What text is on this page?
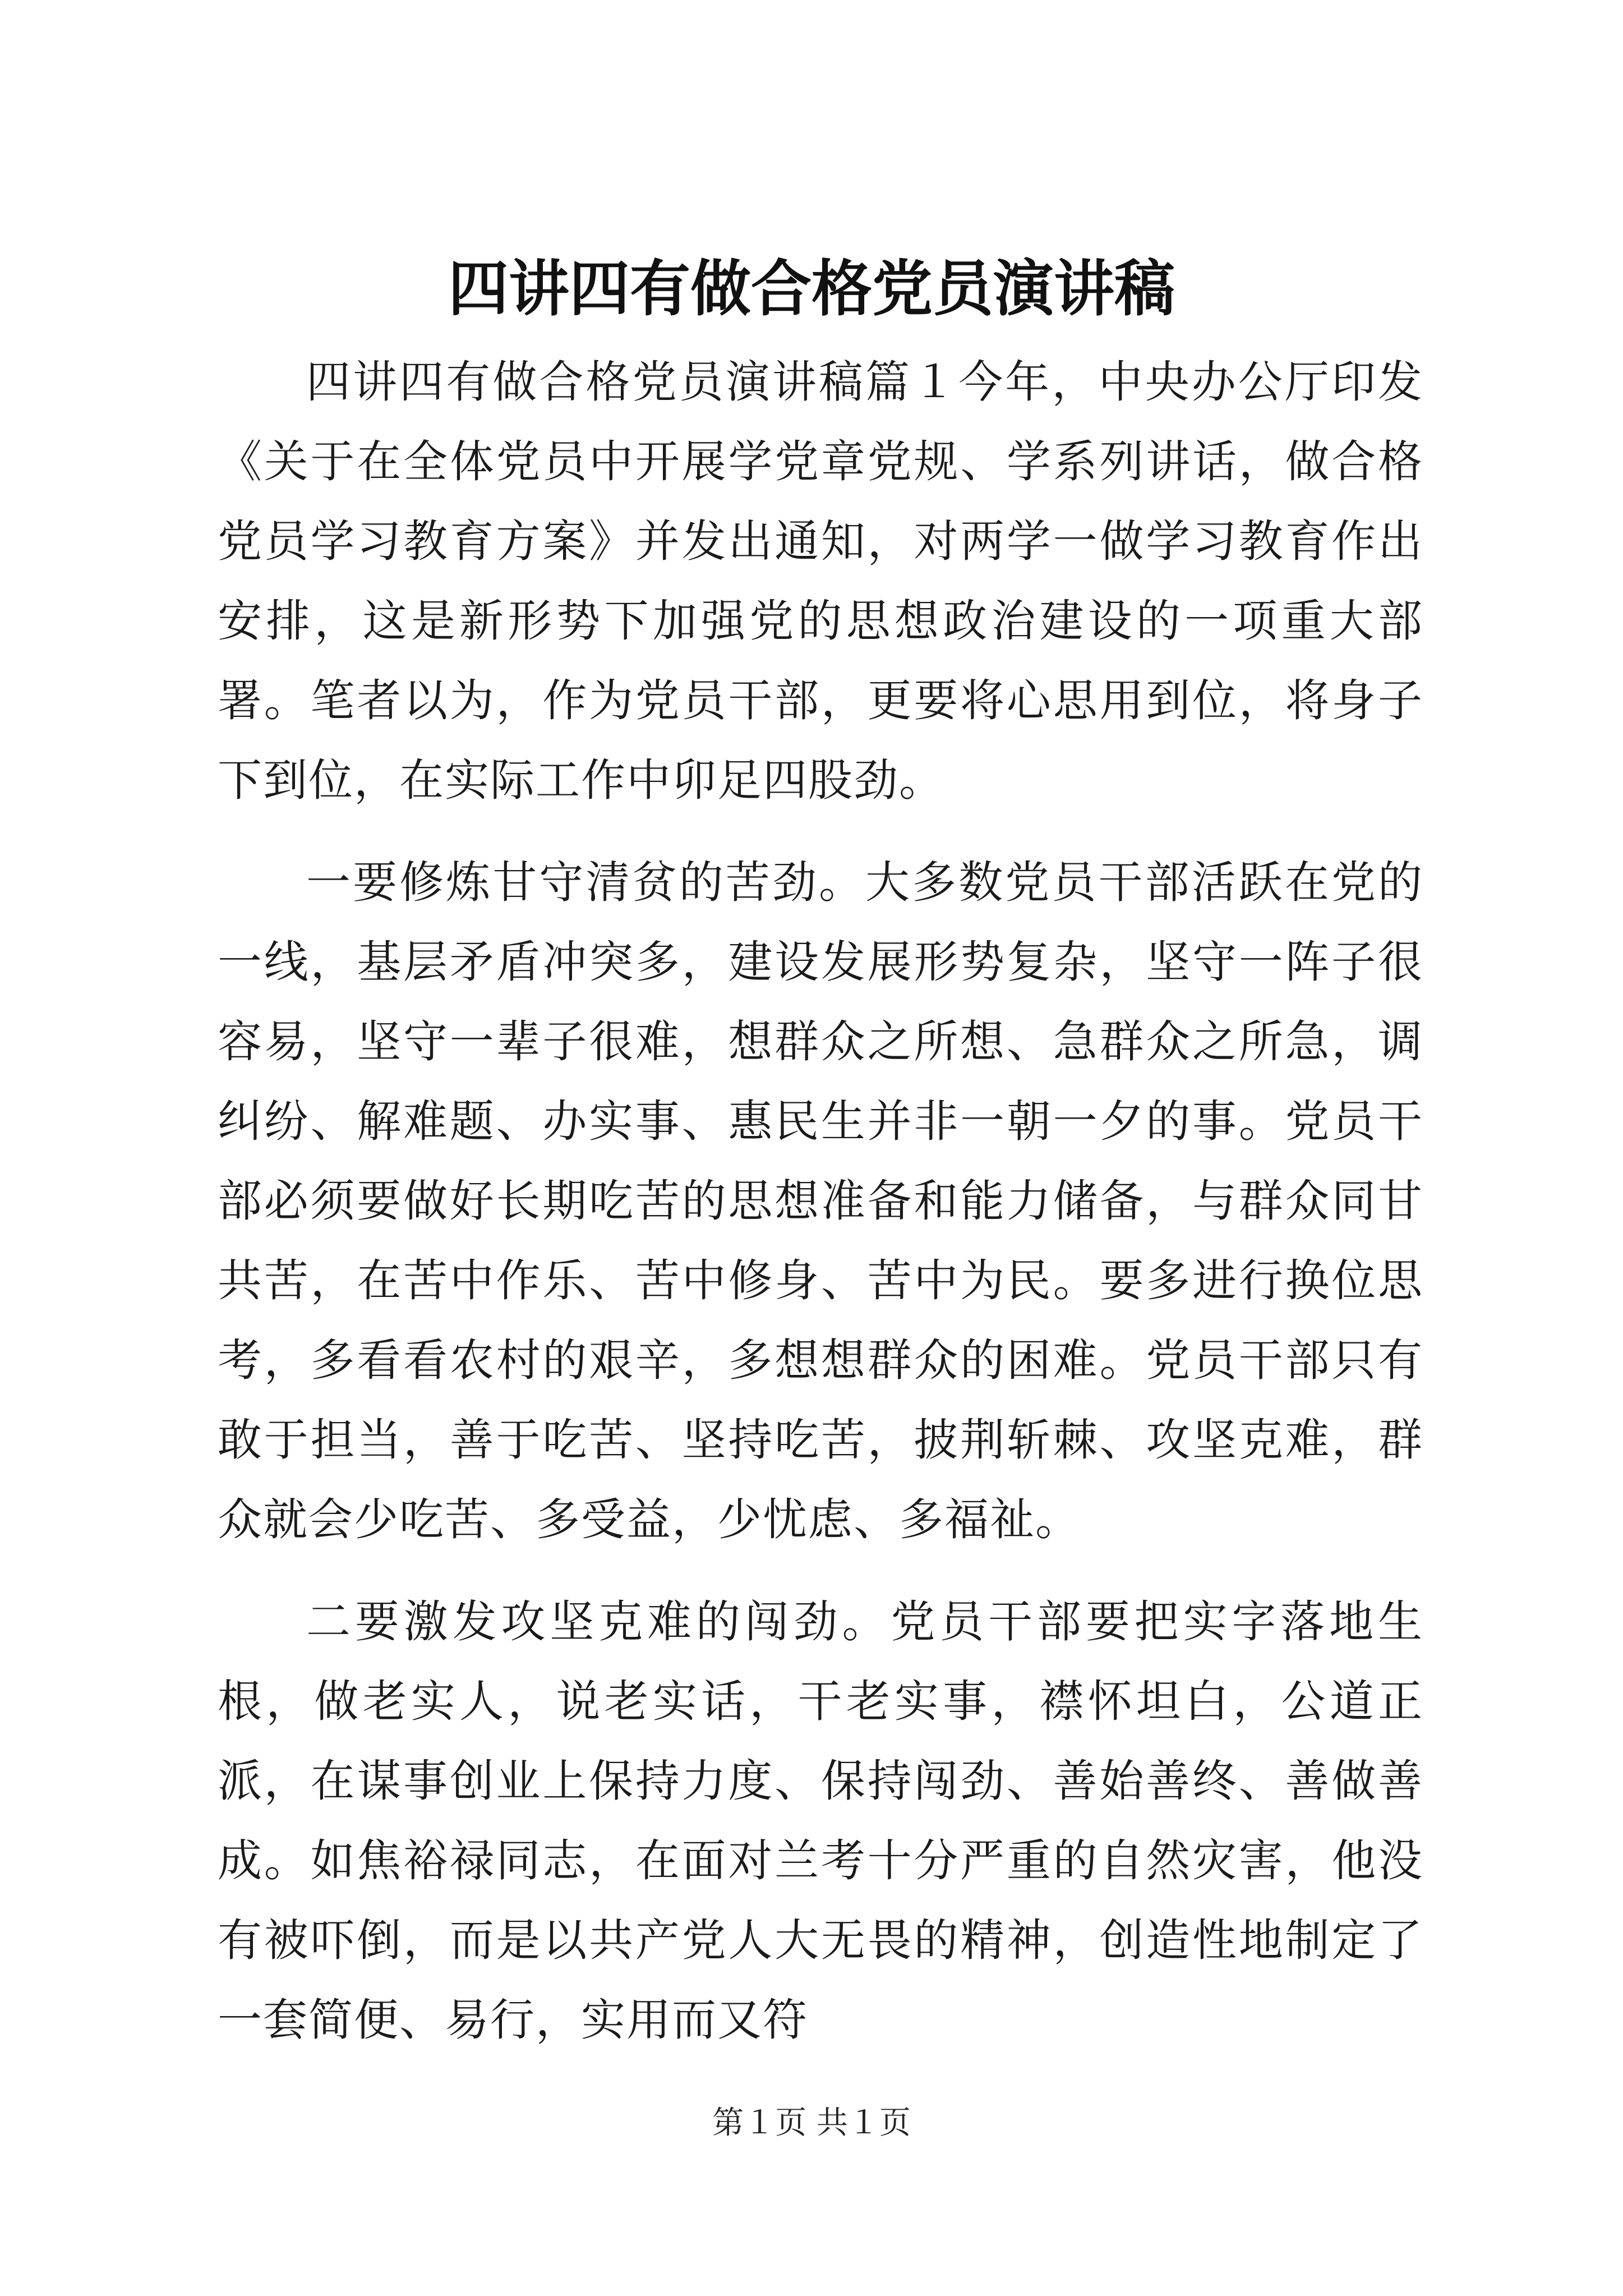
四讲四有做合格党员演讲稿

四讲四有做合格党员演讲稿篇１今年，中央办公厅印发《关于在全体党员中开展学党章党规、学系列讲话，做合格党员学习教育方案》并发出通知，对两学一做学习教育作出安排，这是新形势下加强党的思想政治建设的一项重大部署。笔者以为，作为党员干部，更要将心思用到位，将身子下到位，在实际工作中卯足四股劲。

一要修炼甘守清贫的苦劲。大多数党员干部活跃在党的一线，基层矛盾冲突多，建设发展形势复杂，坚守一阵子很容易，坚守一辈子很难，想群众之所想、急群众之所急，调纠纷、解难题、办实事、惠民生并非一朝一夕的事。党员干部必须要做好长期吃苦的思想准备和能力储备，与群众同甘共苦，在苦中作乐、苦中修身、苦中为民。要多进行换位思考，多看看农村的艰辛，多想想群众的困难。党员干部只有敢于担当，善于吃苦、坚持吃苦，披荆斩棘、攻坚克难，群众就会少吃苦、多受益，少忧虑、多福祉。

二要激发攻坚克难的闯劲。党员干部要把实字落地生根，做老实人，说老实话，干老实事，襟怀坦白，公道正派，在谋事创业上保持力度、保持闯劲、善始善终、善做善成。如焦裕禄同志，在面对兰考十分严重的自然灾害，他没有被吓倒，而是以共产党人大无畏的精神，创造性地制定了一套简便、易行，实用而又符

第１页 共１页
